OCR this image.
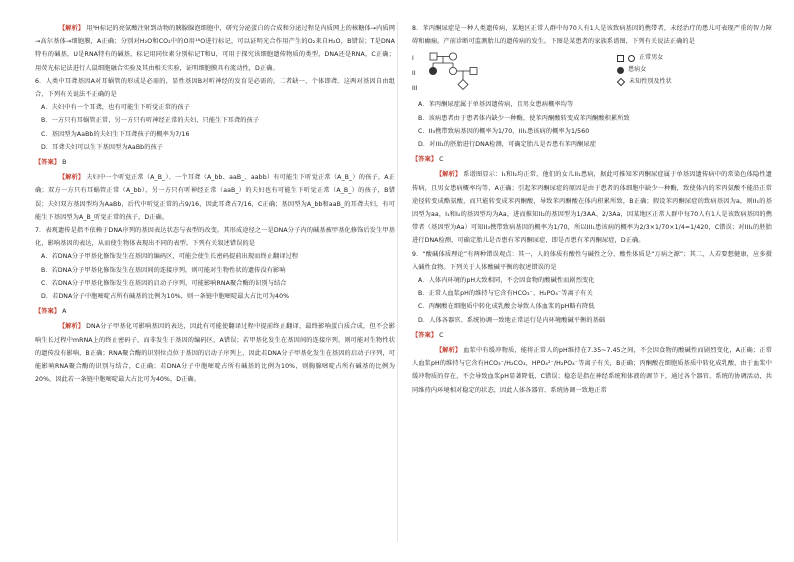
【解析】 用³H标记的亮氨酸注射到动物的胰腺腺泡细胞中，研究分泌蛋白的合成和分泌过程是内质网上的核糖体→内质网→高尔基体→细胞膜，A正确；分别对H₂O和CO₂中的O用¹⁸O进行标记，可以证明光合作用产生的O₂来自H₂O，B错误；T是DNA特有的碱基，U是RNA特有的碱基，标记用同位素分别标记T和U，可用于探究该细胞遗传物质的类型，DNA还是RNA，C正确；用荧光标记法进行人鼠细胞融合实验及其由相关实验，证明细胞膜具有流动性，D正确。

6．人类中耳聋基因A对耳蜗管的形成是必需的，显性基因B对听神经的发育是必需的，二者缺一，个体即聋。这两对基因自由组合，下列有关说法不正确的是

A．夫妇中有一个耳聋，也有可能生下听觉正常的孩子

B．一方只有耳蜗管正常，另一方只有听神经正常的夫妇，只能生下耳聋的孩子

C．基因型为AaBb的夫妇生下耳聋孩子的概率为7/16

D．耳聋夫妇可以生下基因型为AaBb的孩子

【答案】 B

【解析】 夫妇中一个听觉正常（A_B_）、一个耳聋（A_bb、aaB_、aabb）有可能生下听觉正常（A_B_）的孩子，A正确；双方一方只有耳蜗管正常（A_bb），另一方只有听神经正常（aaB_）的夫妇也有可能生下听觉正常（A_B_）的孩子，B错误；夫妇双方基因型均为AaBb，后代中听觉正常的占9/16，因此耳聋占7/16，C正确；基因型为A_bb和aaB_的耳聋夫妇，有可能生下基因型为A_B_听觉正常的孩子，D正确。

7．表观遗传是指不依赖于DNA序列的基因表达状态与表型的改变。其形成途径之一是DNA分子内的碱基被甲基化修饰后发生甲基化，影响基因的表达，从而使生物体表现出不同的表型。下列有关叙述错误的是

A．若DNA分子甲基化修饰发生在基因的编码区，可能会使生长密码提前出现而终止翻译过程

B．若DNA分子甲基化修饰发生在基因间的连接序列，则可能对生物性状的遗传没有影响

C．若DNA分子甲基化修饰发生在基因的启动子序列，可能影响RNA聚合酶的识别与结合

D．若DNA分子中胞嘧啶占所有碱基的比例为10%，则一条链中胞嘧啶最大占比可为40%

【答案】 A

【解析】 DNA分子甲基化可影响基因的表达，因此有可能使翻译过程中提前终止翻译，最终影响蛋白质合成，但不会影响生长过程中mRNA上的终止密码子，而非发生于基因的编码区，A错误；若甲基化发生在基因间的连接序列，则可能对生物性状的遗传没有影响，B正确；RNA聚合酶的识别位点位于基因的启动子序列上，因此若DNA分子甲基化发生在基因的启动子序列，可能影响RNA聚合酶的识别与结合，C正确；若DNA分子中胞嘧啶占所有碱基的比例为10%，则胸腺嘧啶占所有碱基的比例为20%，因此若一条链中胞嘧啶最大占比可为40%，D正确。

8．苯丙酮尿症是一种人类遗传病，某地区正常人群中每70人有1人是该致病基因的携带者，未经治疗的患儿可表现严重的智力障碍和癫痫。产前诊断可监测胎儿的遗传病的发生。下图是某患者的家族系谱图，下列有关说法正确的是

I
II
III
正常男女
患病女
未知性别及性状

A．苯丙酮尿症属于单基因遗传病，且男女患病概率均等

B．该病患者由于患者体内缺少一种酶，使苯丙酮酸转变成苯丙酮酸积累所致

C．II₃携带致病基因的概率为1/70，III₁患该病的概率为1/560

D．对III₁的胚胎进行DNA检测，可确定胎儿是否患有苯丙酮尿症

【答案】 C

【解析】 系谱图显示：I₁和I₂均正常，他们的女儿II₁患病，据此可推知苯丙酮尿症属于单基因遗传病中的常染色体隐性遗传病，且男女患病概率均等，A正确；引起苯丙酮尿症的原因是由于患者的体细胞中缺少一种酶，致使体内的苯丙氨酸不能沿正常途径转变成酪氨酸，而只能转变成苯丙酮酸，导致苯丙酮酸在体内积累所致，B正确；假设苯丙酮尿症的致病基因为a，则II₁的基因型为aa，I₁和I₂的基因型均为Aa，进而推知II₂的基因型为1/3AA、2/3Aa，因某地区正常人群中每70人有1人是该致病基因的携带者（基因型为Aa）可知II₃携带致病基因的概率为1/70，所以III₁患该病的概率为2/3×1/70×1/4=1/420，C错误；对III₁的胚胎进行DNA检测，可确定胎儿是否患有苯丙酮尿症，即是否患有苯丙酮尿症，D正确。

9．“酸碱体质理论”有两种错误观点：其一，人的体质有酸性与碱性之分，酸性体质是“万病之源”；其二，人若要想健康，应多摄入碱性食物。下列关于人体酸碱平衡的叙述错误的是

A．人体内环境的pH大致相同，不会因食物的酸碱性而剧烈变化

B．正常人血浆pH的维持与它含有HCO₃⁻、H₂PO₄⁻等离子有关

C．丙酮酸在细胞质中转化成乳酸会导致人体血浆的pH略有降低

D．人体各器官、系统协调一致地正常运行是内环境酸碱平衡的基础

【答案】 C

【解析】 血浆中有缓冲物质，能将正常人的pH维持在7.35~7.45之间，不会因食物的酸碱性而剧烈变化，A正确；正常人血浆pH的维持与它含有HCO₃⁻/H₂CO₃、HPO₄²⁻/H₂PO₄⁻等离子有关，B正确；丙酮酸在细胞质基质中转化成乳酸，由于血浆中缓冲物质的存在，不会导致血浆pH显著降低，C错误；稳态是指在神经系统和体液的调节下，通过各个器官、系统的协调活动，共同维持内环境相对稳定的状态，因此人体各器官、系统协调一致地正常
